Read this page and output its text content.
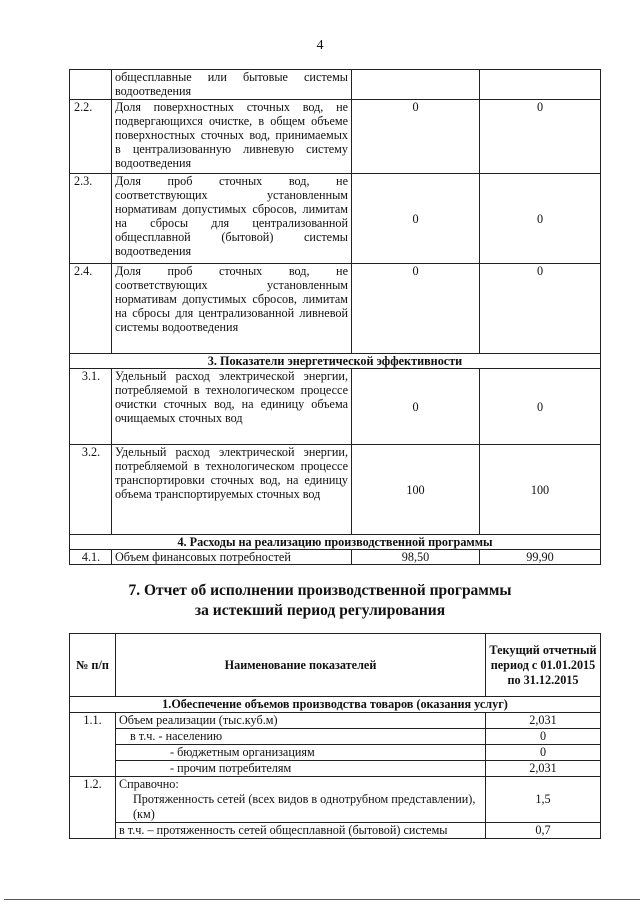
4
	общесплавные или бытовые системы водоотведения		
2.2.	Доля поверхностных сточных вод, не подвергающихся очистке, в общем объеме поверхностных сточных вод, принимаемых в централизованную ливневую систему водоотведения	0	0
2.3.	Доля проб сточных вод, не соответствующих установленным нормативам допустимых сбросов, лимитам на сбросы для централизованной общесплавной (бытовой) системы водоотведения	0	0
2.4.	Доля проб сточных вод, не соответствующих установленным нормативам допустимых сбросов, лимитам на сбросы для централизованной ливневой системы водоотведения	0	0
3. Показатели энергетической эффективности			
3.1.	Удельный расход электрической энергии, потребляемой в технологическом процессе очистки сточных вод, на единицу объема очищаемых сточных вод	0	0
3.2.	Удельный расход электрической энергии, потребляемой в технологическом процессе транспортировки сточных вод, на единицу объема транспортируемых сточных вод	100	100
4. Расходы на реализацию производственной программы			
4.1.	Объем финансовых потребностей	98,50	99,90
7. Отчет об исполнении производственной программы
за истекший период регулирования
№ п/п	Наименование показателей	Текущий отчетный период с 01.01.2015 по 31.12.2015
1.Обеспечение объемов производства товаров (оказания услуг)		
1.1.	Объем реализации (тыс.куб.м)	2,031
	в т.ч. - населению	0
	- бюджетным организациям	0
	- прочим потребителям	2,031
1.2.	Справочно:
Протяженность сетей (всех видов в однотрубном представлении), (км)	1,5
	в т.ч. – протяженность сетей общесплавной (бытовой) системы	0,7
